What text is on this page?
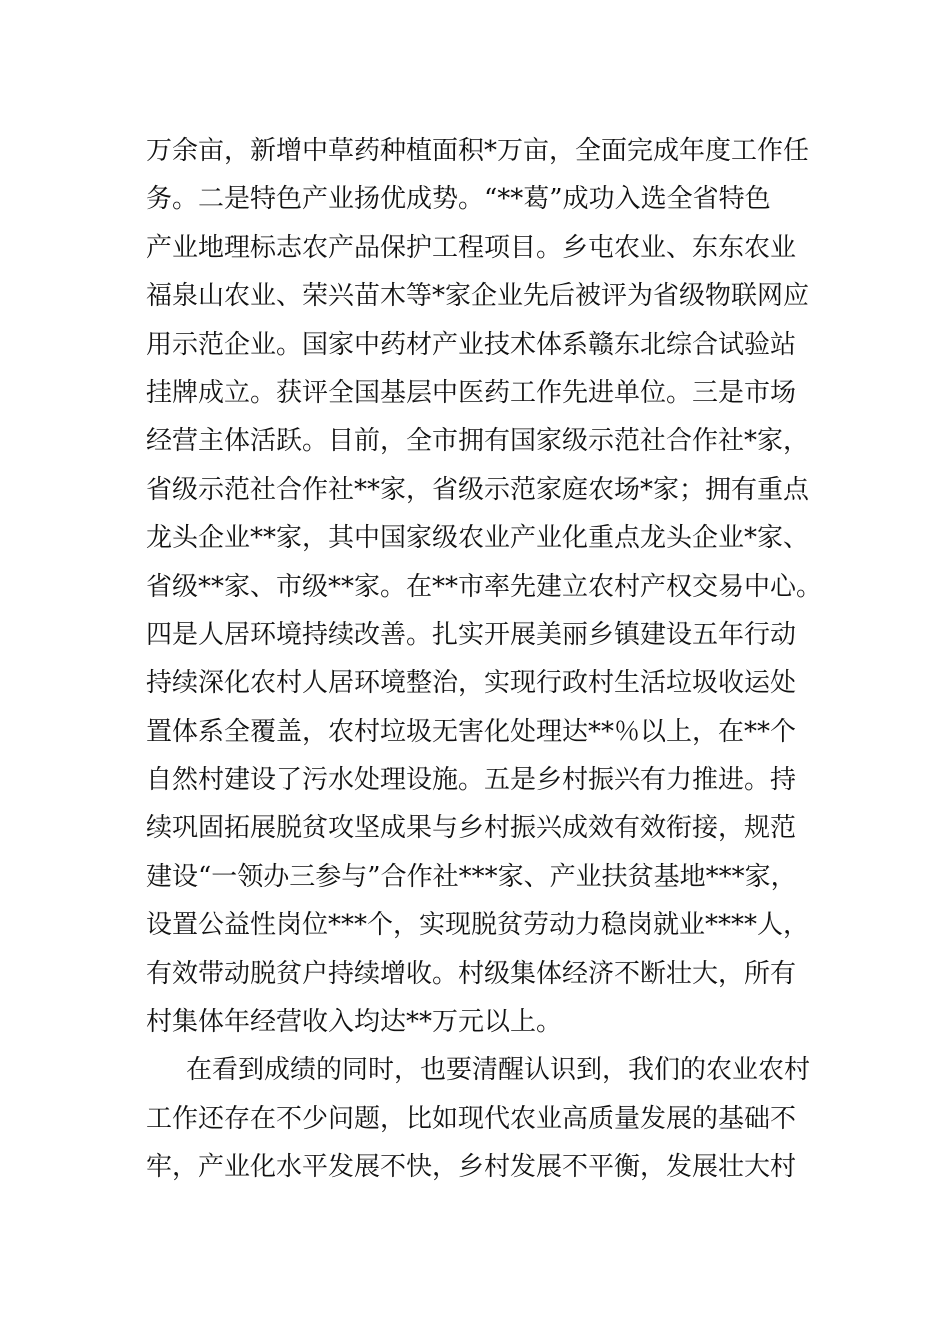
万余亩，新增中草药种植面积*万亩，全面完成年度工作任
务。二是特色产业扬优成势。“**葛”成功入选全省特色
产业地理标志农产品保护工程项目。乡屯农业、东东农业
福泉山农业、荣兴苗木等*家企业先后被评为省级物联网应
用示范企业。国家中药材产业技术体系赣东北综合试验站
挂牌成立。获评全国基层中医药工作先进单位。三是市场
经营主体活跃。目前，全市拥有国家级示范社合作社*家，
省级示范社合作社**家，省级示范家庭农场*家；拥有重点
龙头企业**家，其中国家级农业产业化重点龙头企业*家、
省级**家、市级**家。在**市率先建立农村产权交易中心。
四是人居环境持续改善。扎实开展美丽乡镇建设五年行动
持续深化农村人居环境整治，实现行政村生活垃圾收运处
置体系全覆盖，农村垃圾无害化处理达**％以上，在**个
自然村建设了污水处理设施。五是乡村振兴有力推进。持
续巩固拓展脱贫攻坚成果与乡村振兴成效有效衔接，规范
建设“一领办三参与”合作社***家、产业扶贫基地***家，
设置公益性岗位***个，实现脱贫劳动力稳岗就业****人，
有效带动脱贫户持续增收。村级集体经济不断壮大，所有
村集体年经营收入均达**万元以上。
在看到成绩的同时，也要清醒认识到，我们的农业农村
工作还存在不少问题，比如现代农业高质量发展的基础不
牢，产业化水平发展不快，乡村发展不平衡，发展壮大村
